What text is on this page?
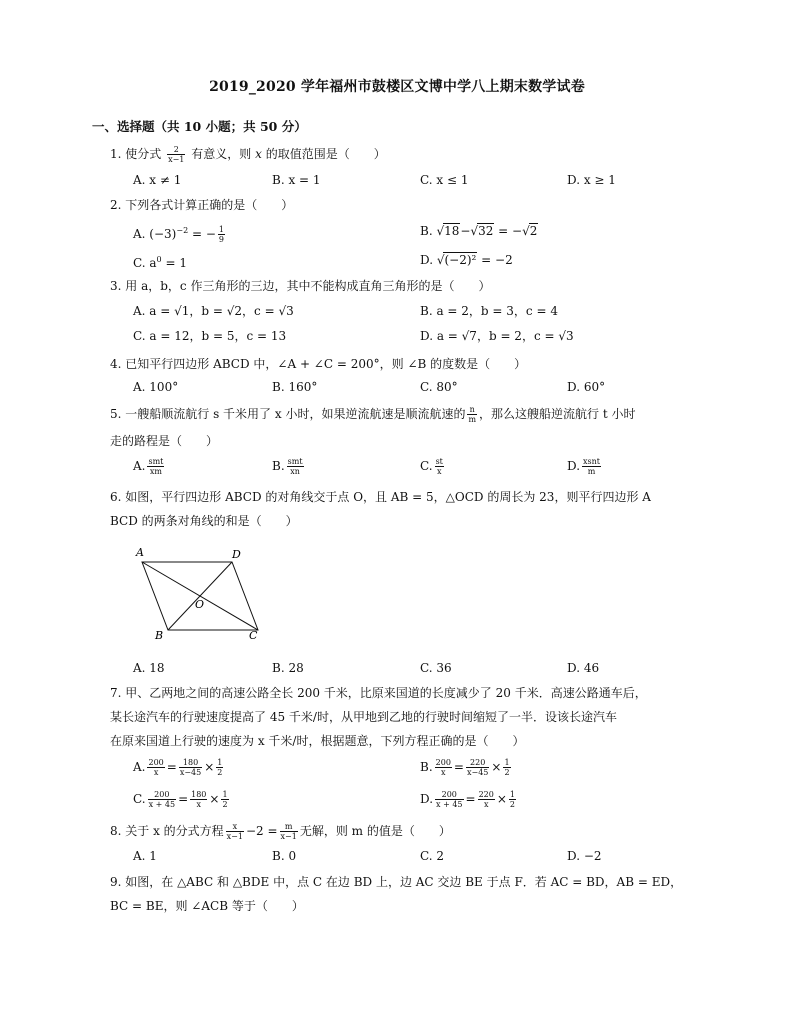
2019_2020 学年福州市鼓楼区文博中学八上期末数学试卷
一、选择题（共 10 小题；共 50 分）
1. 使分式 $\frac{2}{x-1}$ 有意义，则 x 的取值范围是（　　）
A. x ≠ 1	B. x = 1	C. x ≤ 1	D. x ≥ 1
2. 下列各式计算正确的是（　　）
A. $(-3)^{-2}$ = − $\frac{1}{9}$	B. √18−√32 = −√2
C. $a^0 = 1$	D. √(−2)² = −2
3. 用 a，b，c 作三角形的三边，其中不能构成直角三角形的是（　　）
A. a = √1，b = √2，c = √3	B. a = 2，b = 3，c = 4
C. a = 12，b = 5，c = 13	D. a = √7，b = 2，c = √3
4. 已知平行四边形 ABCD 中，∠A + ∠C = 200°，则 ∠B 的度数是（　　）
A. 100°	B. 160°	C. 80°	D. 60°
5. 一艘船顺流航行 s 千米用了 x 小时，如果逆流航速是顺流航速的 $\frac{n}{m}$ ，那么这艘船逆流航行 t 小时
走的路程是（　　）
A. $\frac{\text{smt}}{xm}$	B. $\frac{\text{smt}}{xn}$	C. $\frac{st}{x}$	D. $\frac{\text{xsnt}}{m}$
6. 如图，平行四边形 ABCD 的对角线交于点 O，且 AB = 5，△OCD 的周长为 23，则平行四边形 A
BCD 的两条对角线的和是（　　）
A	D
O
B	C
A. 18	B. 28	C. 36	D. 46
7. 甲、乙两地之间的高速公路全长 200 千米，比原来国道的长度减少了 20 千米．高速公路通车后，
某长途汽车的行驶速度提高了 45 千米/时，从甲地到乙地的行驶时间缩短了一半．设该长途汽车
在原来国道上行驶的速度为 x 千米/时，根据题意，下列方程正确的是（　　）
A. $\frac{200}{x} = \frac{180}{x-45} \times \frac{1}{2}$	B. $\frac{200}{x} = \frac{220}{x-45} \times \frac{1}{2}$
C. $\frac{200}{x + 45} = \frac{180}{x} \times \frac{1}{2}$	D. $\frac{200}{x + 45} = \frac{220}{x} \times \frac{1}{2}$
8. 关于 x 的分式方程 $\frac{x}{x-1} -2 = \frac{m}{x-1}$ 无解，则 m 的值是（　　）
A. 1	B. 0	C. 2	D. −2
9. 如图，在 △ABC 和 △BDE 中，点 C 在边 BD 上，边 AC 交边 BE 于点 F．若 AC = BD，AB = ED，
BC = BE，则 ∠ACB 等于（　　）
